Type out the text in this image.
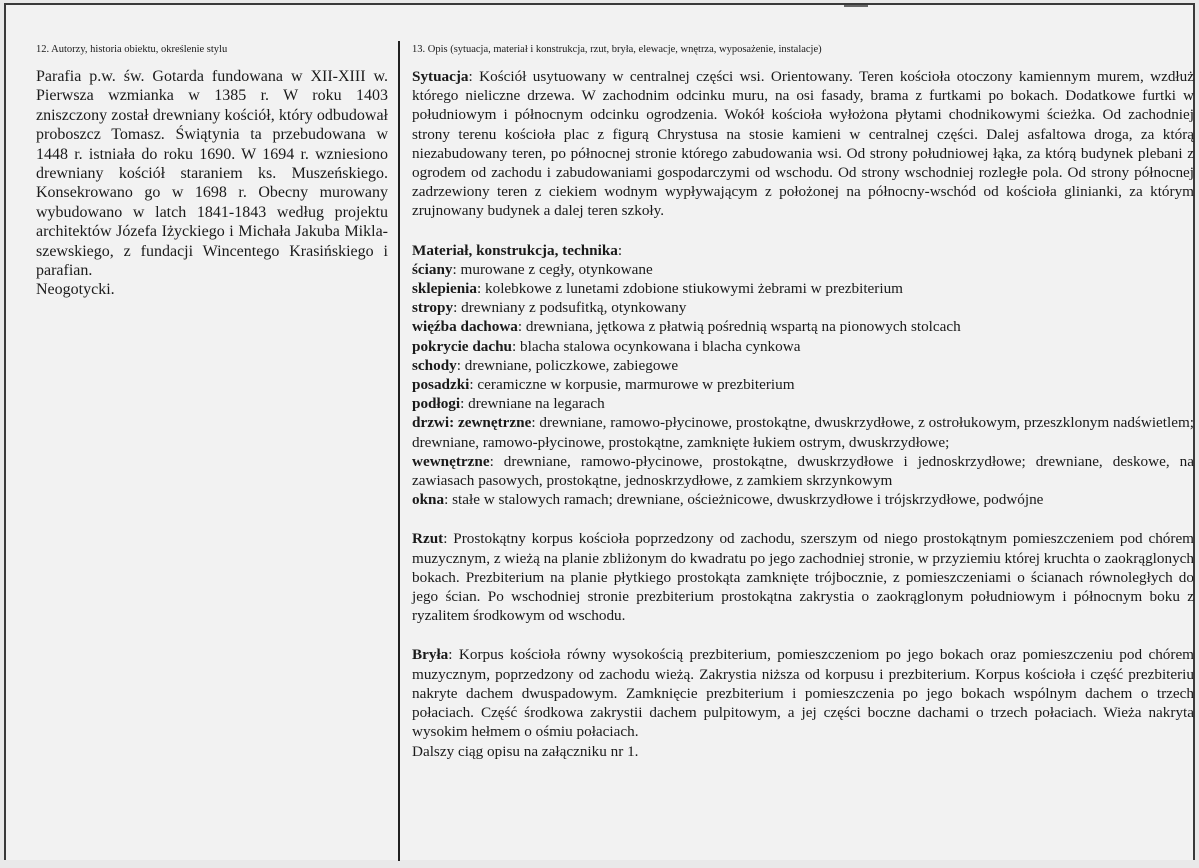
12. Autorzy, historia obiektu, określenie stylu

Parafia p.w. św. Gotarda fundowana w XII-XIII w. Pierwsza wzmianka w 1385 r. W roku 1403 zniszczony został drewniany kościół, który odbudował proboszcz Tomasz. Świątynia ta przebudowana w 1448 r. istniała do roku 1690. W 1694 r. wzniesiono drewniany kościół staraniem ks. Muszeńskiego. Konsekrowano go w 1698 r. Obecny murowany wybudowano w latch 1841-1843 według projektu architektów Józefa Iżyckiego i Michała Jakuba Mikla-szewskiego, z fundacji Wincentego Krasińskiego i parafian.

Neogotycki.

13. Opis (sytuacja, materiał i konstrukcja, rzut, bryła, elewacje, wnętrza, wyposażenie, instalacje)

Sytuacja: Kościół usytuowany w centralnej części wsi. Orientowany. Teren kościoła otoczony kamiennym murem, wzdłuż którego nieliczne drzewa. W zachodnim odcinku muru, na osi fasady, brama z furtkami po bokach. Dodatkowe furtki w południowym i północnym odcinku ogrodzenia. Wokół kościoła wyłożona płytami chodnikowymi ścieżka. Od zachodniej strony terenu kościoła plac z figurą Chrystusa na stosie kamieni w centralnej części. Dalej asfaltowa droga, za którą niezabudowany teren, po północnej stronie którego zabudowania wsi. Od strony południowej łąka, za którą budynek plebani z ogrodem od zachodu i zabudowaniami gospodarczymi od wschodu. Od strony wschodniej rozległe pola. Od strony północnej zadrzewiony teren z ciekiem wodnym wypływającym z położonej na północny-wschód od kościoła glinianki, za którym zrujnowany budynek a dalej teren szkoły.

Materiał, konstrukcja, technika:

ściany: murowane z cegły, otynkowane

sklepienia: kolebkowe z lunetami zdobione stiukowymi żebrami w prezbiterium

stropy: drewniany z podsufitką, otynkowany

więźba dachowa: drewniana, jętkowa z płatwią pośrednią wspartą na pionowych stolcach

pokrycie dachu: blacha stalowa ocynkowana i blacha cynkowa

schody: drewniane, policzkowe, zabiegowe

posadzki: ceramiczne w korpusie, marmurowe w prezbiterium

podłogi: drewniane na legarach

drzwi: zewnętrzne: drewniane, ramowo-płycinowe, prostokątne, dwuskrzydłowe, z ostrołukowym, przeszklonym nadświetlem; drewniane, ramowo-płycinowe, prostokątne, zamknięte łukiem ostrym, dwuskrzydłowe;

wewnętrzne: drewniane, ramowo-płycinowe, prostokątne, dwuskrzydłowe i jednoskrzydłowe; drewniane, deskowe, na zawiasach pasowych, prostokątne, jednoskrzydłowe, z zamkiem skrzynkowym

okna: stałe w stalowych ramach; drewniane, ościeżnicowe, dwuskrzydłowe i trójskrzydłowe, podwójne

Rzut: Prostokątny korpus kościoła poprzedzony od zachodu, szerszym od niego prostokątnym pomieszczeniem pod chórem muzycznym, z wieżą na planie zbliżonym do kwadratu po jego zachodniej stronie, w przyziemiu której kruchta o zaokrąglonych bokach. Prezbiterium na planie płytkiego prostokąta zamknięte trójbocznie, z pomieszczeniami o ścianach równoległych do jego ścian. Po wschodniej stronie prezbiterium prostokątna zakrystia o zaokrąglonym południowym i północnym boku z ryzalitem środkowym od wschodu.

Bryła: Korpus kościoła równy wysokością prezbiterium, pomieszczeniom po jego bokach oraz pomieszczeniu pod chórem muzycznym, poprzedzony od zachodu wieżą. Zakrystia niższa od korpusu i prezbiterium. Korpus kościoła i część prezbiteriu nakryte dachem dwuspadowym. Zamknięcie prezbiterium i pomieszczenia po jego bokach wspólnym dachem o trzech połaciach. Część środkowa zakrystii dachem pulpitowym, a jej części boczne dachami o trzech połaciach. Wieża nakryta wysokim hełmem o ośmiu połaciach.

Dalszy ciąg opisu na załączniku nr 1.
